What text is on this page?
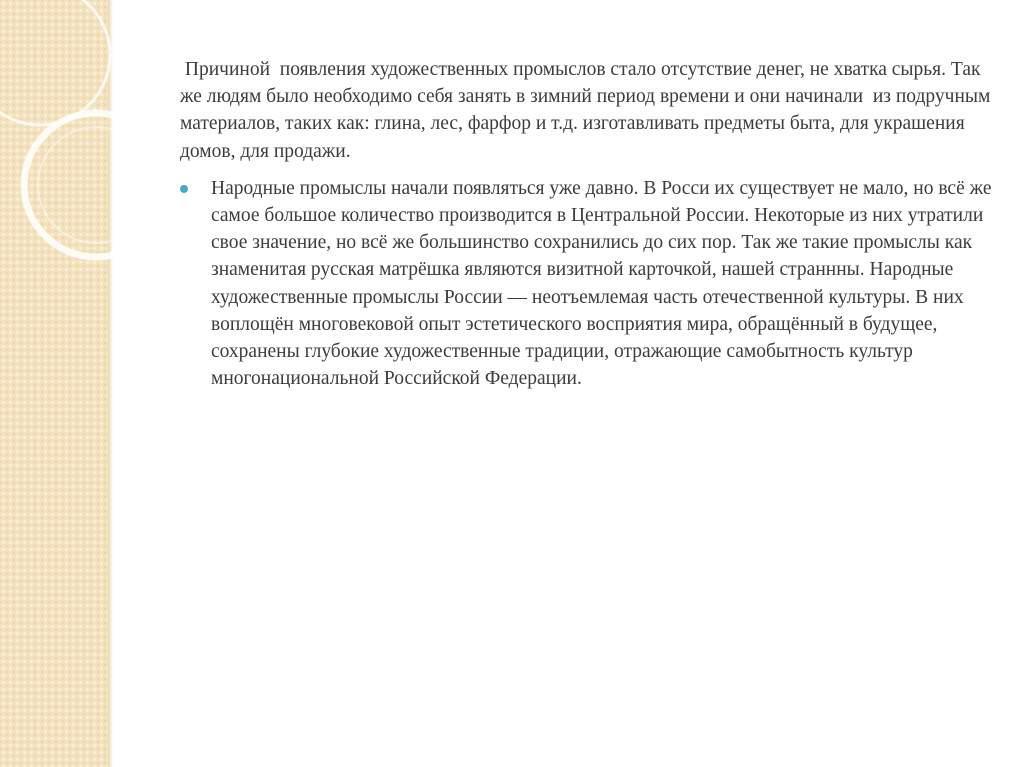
Причиной  появления художественных промыслов стало отсутствие денег, не хватка сырья. Так же людям было необходимо себя занять в зимний период времени и они начинали  из подручным материалов, таких как: глина, лес, фарфор и т.д. изготавливать предметы быта, для украшения домов, для продажи.

Народные промыслы начали появляться уже давно. В Росси их существует не мало, но всё же самое большое количество производится в Центральной России. Некоторые из них утратили свое значение, но всё же большинство сохранились до сих пор. Так же такие промыслы как знаменитая русская матрёшка являются визитной карточкой, нашей страннны. Народные художественные промыслы России — неотъемлемая часть отечественной культуры. В них воплощён многовековой опыт эстетического восприятия мира, обращённый в будущее, сохранены глубокие художественные традиции, отражающие самобытность культур многонациональной Российской Федерации.
